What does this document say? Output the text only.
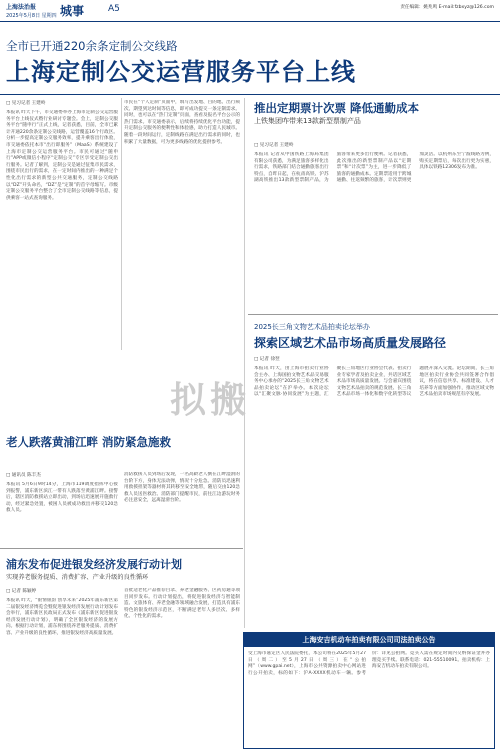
上海法治报
2025年5月8日 星期四 城事	A5	责任编辑：姚兆鸣 E-mail:fzbxyz@126.com
全市已开通220余条定制公交线路
上海定制公交运营服务平台上线
□ 见习记者 王建岭
本报讯 昨天下午，市交通委举办上海市定制公交运营服务平台上线仪式暨行业研讨专题会。会上，定制公交服务平台“随申行”正式上线，记者获悉，目前，全市已累计开通220余条定制公交线路，运营覆盖16个行政区。分析一步提高定制公交服务效率，提升乘客出行体验，市交通委依托本市“出行即服务”（MaaS）系统建设了上海市定制公交运营服务平台。市民可通过“随申行”APP或微信小程序“定制公交”专区享受定制公交出行服务。记者了解到，定制公交是通过征集市民需求，围绕市民出行的需求，在一定时间内推出的一种满足个性化出行需求的新型公共交通服务，定制公交线路以“DZ”开头命名，“DZ”是“定制”的首字母缩写。市级定制公交服务平台整合了全市定制公交线路等信息，提供乘客一站式查询服务。
市民在“个人定制”页面中，填写出发地、目的地、出行频次、期望到达时间等信息，即可成功提交一条定制需求。同时，也可以在“热门定制”页面，查看及报名平台公示的热门需求。市交通委表示，后续将持续优化平台功能，提升定制公交服务的便利性和体验感，助力打造人民城市。随着一段时间运行，定制线路在满足出行需求的同时，也积累了大量数据，可为更多线路的优化提供参考。
推出定期票计次票 降低通勤成本
上铁集团咋带来13款新型票制产品
□ 见习记者 王建岭
本报讯 记者从中国铁路上海局集团有限公司获悉，为满足旅客多样化出行需求，铁路部门结合通勤旅客出行特点，自昨日起，在杭甬高铁、沪苏湖高铁推出13款新型票制产品，为旅客带来更多出行便利。记者获悉，此次推出的新型票制产品以“定期票”和“计次票”为主，进一步降低了旅客的通勤成本。定期票适用于跨城通勤、往返频繁的旅客，计次票则更加灵活。以杭州东至宁波线路为例，购买定期票后，每次出行更为实惠，具体以铁路12306发布为准。
2025长三角文物艺术品拍卖论坛举办
探索区域艺术品市场高质量发展路径
□ 记者 徐翌
本报讯 昨天，由上海市拍卖行业协会主办、上海国拍文物艺术品交易服务中心承办的“2025长三角文物艺术品拍卖论坛”在沪举办。本次论坛以“汇聚文脉·协同发展”为主题，汇聚长三角地区行业协会代表、拍卖行业专家学者及拍卖企业，共话区域艺术品市场高质量发展。与会嘉宾围绕文物艺术品拍卖的规范发展、长三角艺术品市场一体化和数字化转型等议题展开深入交流。论坛期间，长三角地区拍卖行业协会共同签署合作倡议，将在信息共享、标准建设、人才培养等方面加强协作，推动区域文物艺术品拍卖市场规范有序发展。
拟搬
老人跌落黄浦江畔 消防紧急施救
□ 通讯员 陈丰杰
本报讯 5月6日9时14分，上海市119调度指挥中心接到报警，浦东新区滨江一带有人跌落至黄浦江畔。接警后，辖区消防救援站立即出动，到场后迅速展开施救行动，经过紧急处置，被困人员被成功救出并移交120急救人员。
消防救援人员到场后发现，一名高龄老人倒在江畔湿滑的台阶下方，身体无法动弹，情况十分危急。消防员迅速利用救援担架等器材将其转移至安全地带，随后交由120急救人员送医救治。消防部门提醒市民，前往江边游玩时务必注意安全，远离湿滑台阶。
浦东发布促进银发经济发展行动计划
实现养老服务提质、消费扩容、产业升级的良性循环
□ 记者 陈颖婷
本报讯 昨天，“银情银韵 创享未来”2025年浦东新区第二届银发经济博览会暨促进银发经济发展行动计划发布会举行，浦东新区民政局正式发布《浦东新区促进银发经济发展行动计划》，明确了全区银发经济的发展方向。根据行动计划，浦东将围绕养老服务提质、消费扩容、产业升级的良性循环，推进银发经济高质量发展。
首批适老化产品推荐目录、养老金融服务、区药房通等项目同步发布。行动计划提出，将促进银发经济与智能制造、文旅体育、养老金融等领域融合发展，打造具有浦东特色的银发经济示范区，不断满足老年人多层次、多样化、个性化的需求。
上海安吉机动车拍卖有限公司司法拍卖公告
受上海市嘉定区人民法院委托，本公司将在2025年5月27日（周二）至5月27日（周三）在“公拍网”（www.gpai.net），上海市公共资源拍卖中心网站进行公开拍卖，标的如下：沪A·XXXX机动车一辆。参考价：详见公拍网。竞买人需在规定时间内交纳保证金并办理竞买手续。联系电话：021-55510091。拍卖机构：上海安吉机动车拍卖有限公司。
